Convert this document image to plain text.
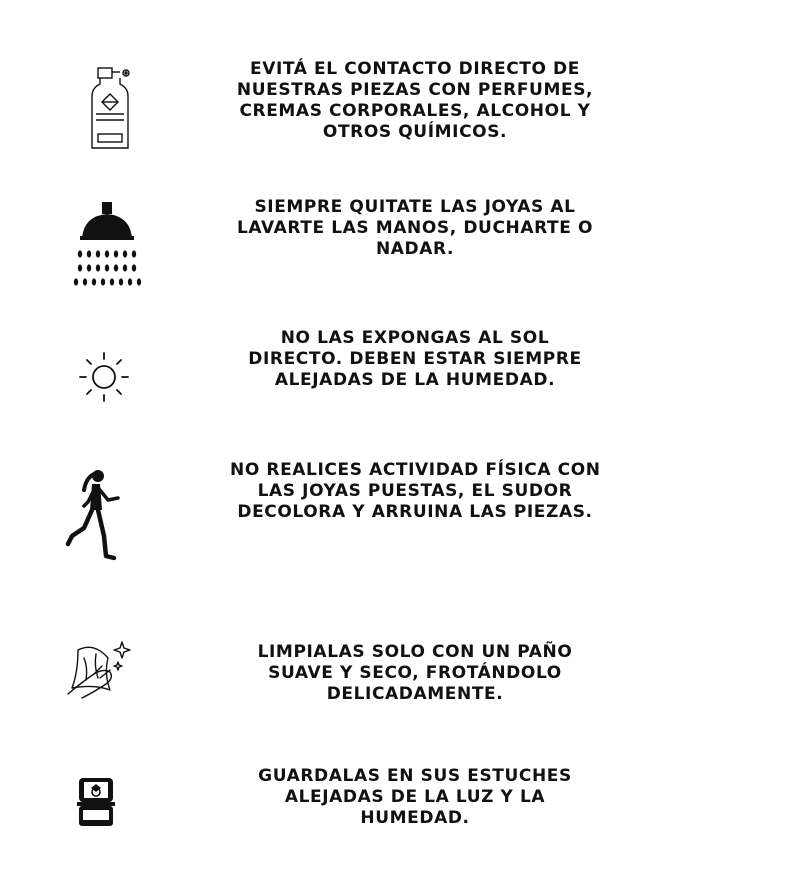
EVITÁ EL CONTACTO DIRECTO DE
NUESTRAS PIEZAS CON PERFUMES,
CREMAS CORPORALES, ALCOHOL Y
OTROS QUÍMICOS.
SIEMPRE QUITATE LAS JOYAS AL
LAVARTE LAS MANOS, DUCHARTE O
NADAR.
NO LAS EXPONGAS AL SOL
DIRECTO. DEBEN ESTAR SIEMPRE
ALEJADAS DE LA HUMEDAD.
NO REALICES ACTIVIDAD FÍSICA CON
LAS JOYAS PUESTAS, EL SUDOR
DECOLORA Y ARRUINA LAS PIEZAS.
LIMPIALAS SOLO CON UN PAÑO
SUAVE Y SECO, FROTÁNDOLO
DELICADAMENTE.
GUARDALAS EN SUS ESTUCHES
ALEJADAS DE LA LUZ Y LA
HUMEDAD.
